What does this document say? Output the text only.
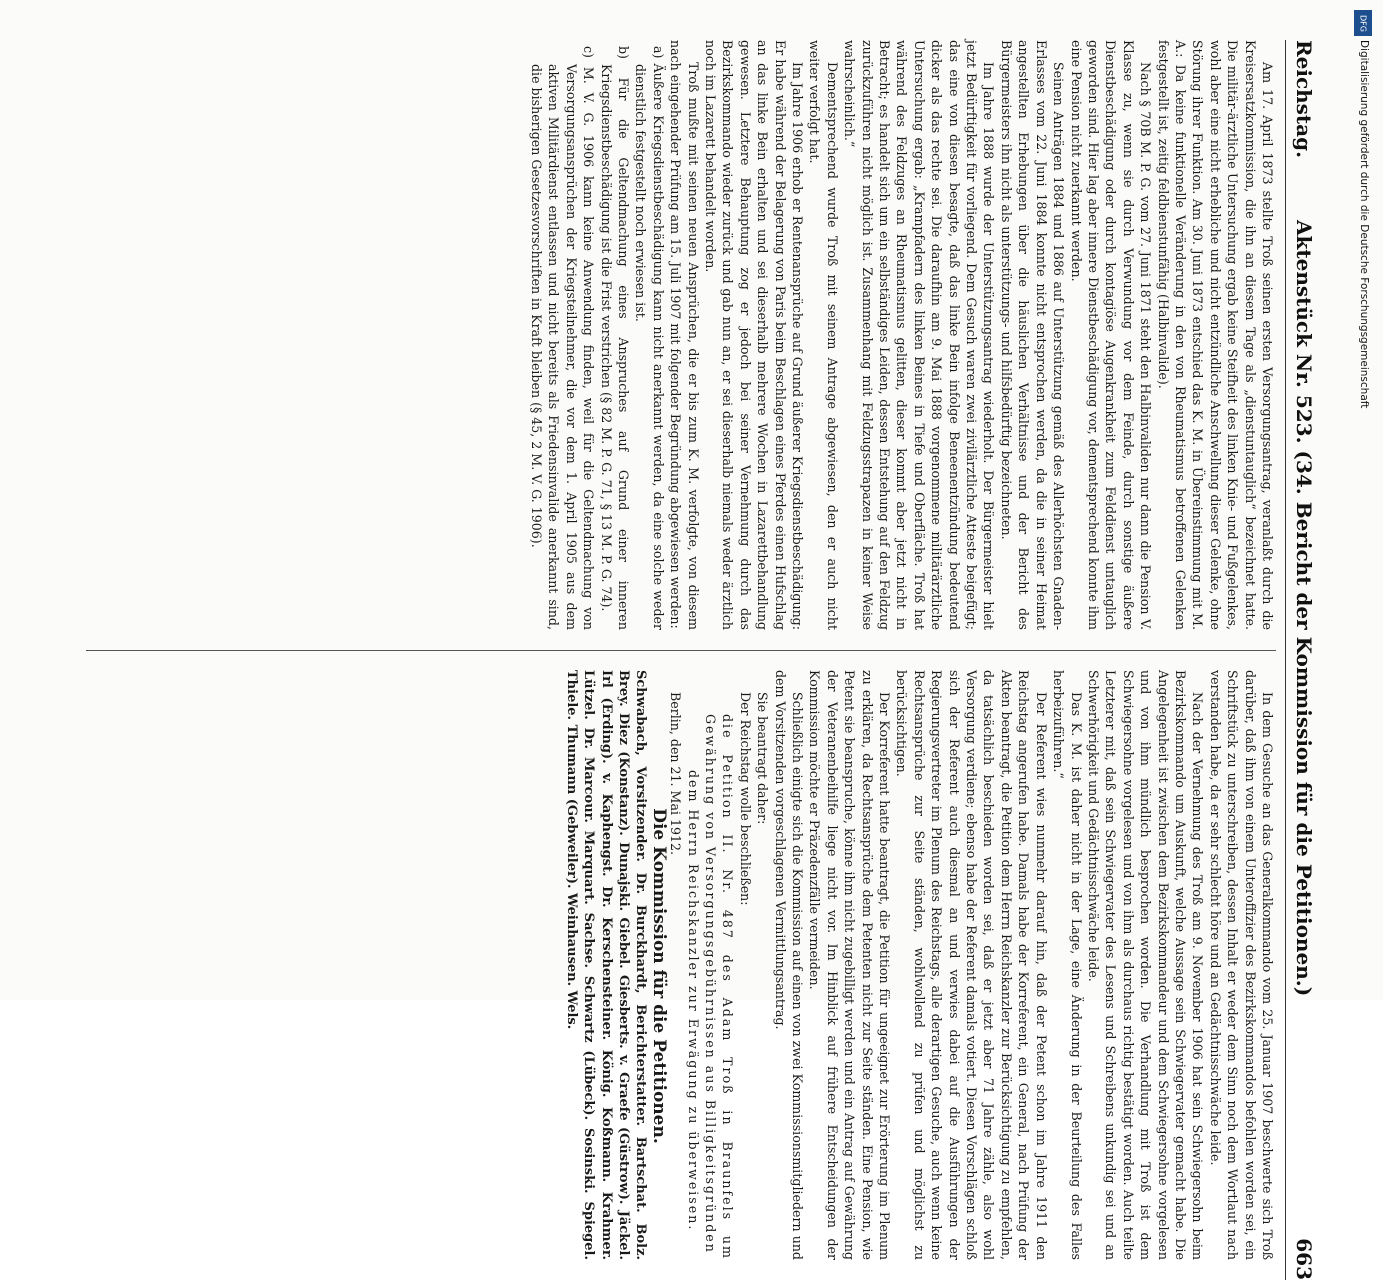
Reichstag.
Aktenstück Nr. 523. (34. Bericht der Kommission für die Petitionen.)
663

Am 17. April 1873 stellte Troß seinen ersten Versorgungsantrag, veranlaßt durch die Kreisersatzkommission, die ihn an diesem Tage als „dienstuntauglich“ bezeichnet hatte. Die militär-ärztliche Untersuchung ergab keine Steifheit des linken Knie- und Fußgelenkes, wohl aber eine nicht erhebliche und nicht entzündliche Anschwellung dieser Gelenke, ohne Störung ihrer Funktion. Am 30. Juni 1873 entschied das K. M. in Übereinstimmung mit M. A.: Da keine funktionelle Veränderung in den von Rheumatismus betroffenen Gelenken festgestellt ist, zeitig feldbienstunfähig (Halbinvalide).

Nach § 70B M. P. G. vom 27. Juni 1871 steht den Halbinvaliden nur dann die Pension V. Klasse zu, wenn sie durch Verwundung vor dem Feinde, durch sonstige äußere Dienstbeschädigung oder durch kontagiöse Augenkrankheit zum Felddienst untauglich geworden sind. Hier lag aber innere Dienstbeschädigung vor, dementsprechend konnte ihm eine Pension nicht zuerkannt werden.

Seinen Anträgen 1884 und 1886 auf Unterstützung gemäß des Allerhöchsten Gnaden-Erlasses vom 22. Juni 1884 konnte nicht entsprochen werden, da die in seiner Heimat angestellten Erhebungen über die häuslichen Verhältnisse und der Bericht des Bürgermeisters ihn nicht als unterstützungs- und hilfsbedürftig bezeichneten.

Im Jahre 1888 wurde der Unterstützungsantrag wiederholt. Der Bürgermeister hielt jetzt Bedürftigkeit für vorliegend. Dem Gesuch waren zwei zivilärztliche Atteste beigefügt; das eine von diesen besagte, daß das linke Bein infolge Beneenentzündung bedeutend dicker als das rechte sei. Die daraufhin am 9. Mai 1888 vorgenommene militärärztliche Untersuchung ergab: „Krampfadern des linken Beines in Tiefe und Oberfläche. Troß hat während des Feldzuges an Rheumatismus gelitten, dieser kommt aber jetzt nicht in Betracht; es handelt sich um ein selbständiges Leiden, dessen Entstehung auf den Feldzug zurückzuführen nicht möglich ist. Zusammenhang mit Feldzugsstrapazen in keiner Weise wahrscheinlich.“

Dementsprechend wurde Troß mit seinem Antrage abgewiesen, den er auch nicht weiter verfolgt hat.

Im Jahre 1906 erhob er Rentenansprüche auf Grund äußerer Kriegsdienstbeschädigung: Er habe während der Belagerung von Paris beim Beschlagen eines Pferdes einen Hufschlag an das linke Bein erhalten und sei dieserhalb mehrere Wochen in Lazarettbehandlung gewesen. Letztere Behauptung zog er jedoch bei seiner Vernehmung durch das Bezirkskommando wieder zurück und gab nun an, er sei dieserhalb niemals weder ärztlich noch im Lazarett behandelt worden.

Troß mußte mit seinen neuen Ansprüchen, die er bis zum K. M. verfolgte, von diesem nach eingehender Prüfung am 15. Juli 1907 mit folgender Begründung abgewiesen werden:

a) Äußere Kriegsdienstbeschädigung kann nicht anerkannt werden, da eine solche weder dienstlich festgestellt noch erwiesen ist.
b) Für die Geltendmachung eines Anspruches auf Grund einer inneren Kriegsdienstbeschädigung ist die Frist verstrichen (§ 82 M. P. G. 71, § 13 M. P. G. 74).
c) M. V. G. 1906 kann keine Anwendung finden, weil für die Geltendmachung von Versorgungsansprüchen der Kriegsteilnehmer, die vor dem 1. April 1905 aus dem aktiven Militärdienst entlassen und nicht bereits als Friedensinvalide anerkannt sind, die bisherigen Gesetzesvorschriften in Kraft bleiben (§ 45, 2 M. V. G. 1906).

In dem Gesuche an das Generalkommando vom 25. Januar 1907 beschwerte sich Troß darüber, daß ihm von einem Unteroffizier des Bezirkskommandos befohlen worden sei, ein Schriftstück zu unterschreiben, dessen Inhalt er weder dem Sinn noch dem Wortlaut nach verstanden habe, da er sehr schlecht höre und an Gedächtnisschwäche leide.

Nach der Vernehmung des Troß am 9. November 1906 hat sein Schwiegersohn beim Bezirkskommando um Auskunft, welche Aussage sein Schwiegervater gemacht habe. Die Angelegenheit ist zwischen dem Bezirkskommandeur und dem Schwiegersohne vorgelesen und von ihm mündlich besprochen worden. Die Verhandlung mit Troß ist dem Schwiegersohne vorgelesen und von ihm als durchaus richtig bestätigt worden. Auch teilte Letzterer mit, daß sein Schwiegervater des Lesens und Schreibens unkundig sei und an Schwerhörigkeit und Gedächtnisschwäche leide.

Das K. M. ist daher nicht in der Lage, eine Änderung in der Beurteilung des Falles herbeizuführen.“

Der Referent wies nunmehr darauf hin, daß der Petent schon im Jahre 1911 den Reichstag angerufen habe. Damals habe der Korreferent, ein General, nach Prüfung der Akten beantragt, die Petition dem Herrn Reichskanzler zur Berücksichtigung zu empfehlen, da tatsächlich beschieden worden sei, daß er jetzt aber 71 Jahre zähle, also wohl Versorgung verdiene; ebenso habe der Referent damals votiert. Diesen Vorschlägen schloß sich der Referent auch diesmal an und verwies dabei auf die Ausführungen der Regierungsvertreter im Plenum des Reichstags, alle derartigen Gesuche, auch wenn keine Rechtsansprüche zur Seite ständen, wohlwollend zu prüfen und möglichst zu berücksichtigen.

Der Korreferent hatte beantragt, die Petition für ungeeignet zur Erörterung im Plenum zu erklären, da Rechtsansprüche dem Petenten nicht zur Seite ständen. Eine Pension, wie Petent sie beanspruche, könne ihm nicht zugebilligt werden und ein Antrag auf Gewährung der Veteranenbeihilfe liege nicht vor. Im Hinblick auf frühere Entscheidungen der Kommission möchte er Präzedenzfälle vermeiden.

Schließlich einigte sich die Kommission auf einen von zwei Kommissionsmitgliedern und dem Vorsitzenden vorgeschlagenen Vermittlungsantrag.

Sie beantragt daher:

Der Reichstag wolle beschließen:

die Petition II. Nr. 487 des Adam Troß in Braunfels um Gewährung von Versorgungsgebührnissen aus Billigkeitsgründen

dem Herrn Reichskanzler zur Erwägung zu überweisen.

Berlin, den 21. Mai 1912.

Die Kommission für die Petitionen.

Schwabach, Vorsitzender. Dr. Burckhardt, Berichterstatter. Bartschat. Bolz. Brey. Diez (Konstanz). Dunajski. Giebel. Giesberts. v. Graefe (Güstrow). Jäckel. Irl (Erding). v. Kaphengst. Dr. Kerschensteiner. König. Koßmann. Krahmer. Lützel. Dr. Marcour. Marquart. Sachse. Schwartz (Lübeck). Sosinski. Spiegel. Thiele. Thumann (Gebweiler). Weinhausen. Wels.

DFG
Digitalisierung gefördert durch die Deutsche Forschungsgemeinschaft
